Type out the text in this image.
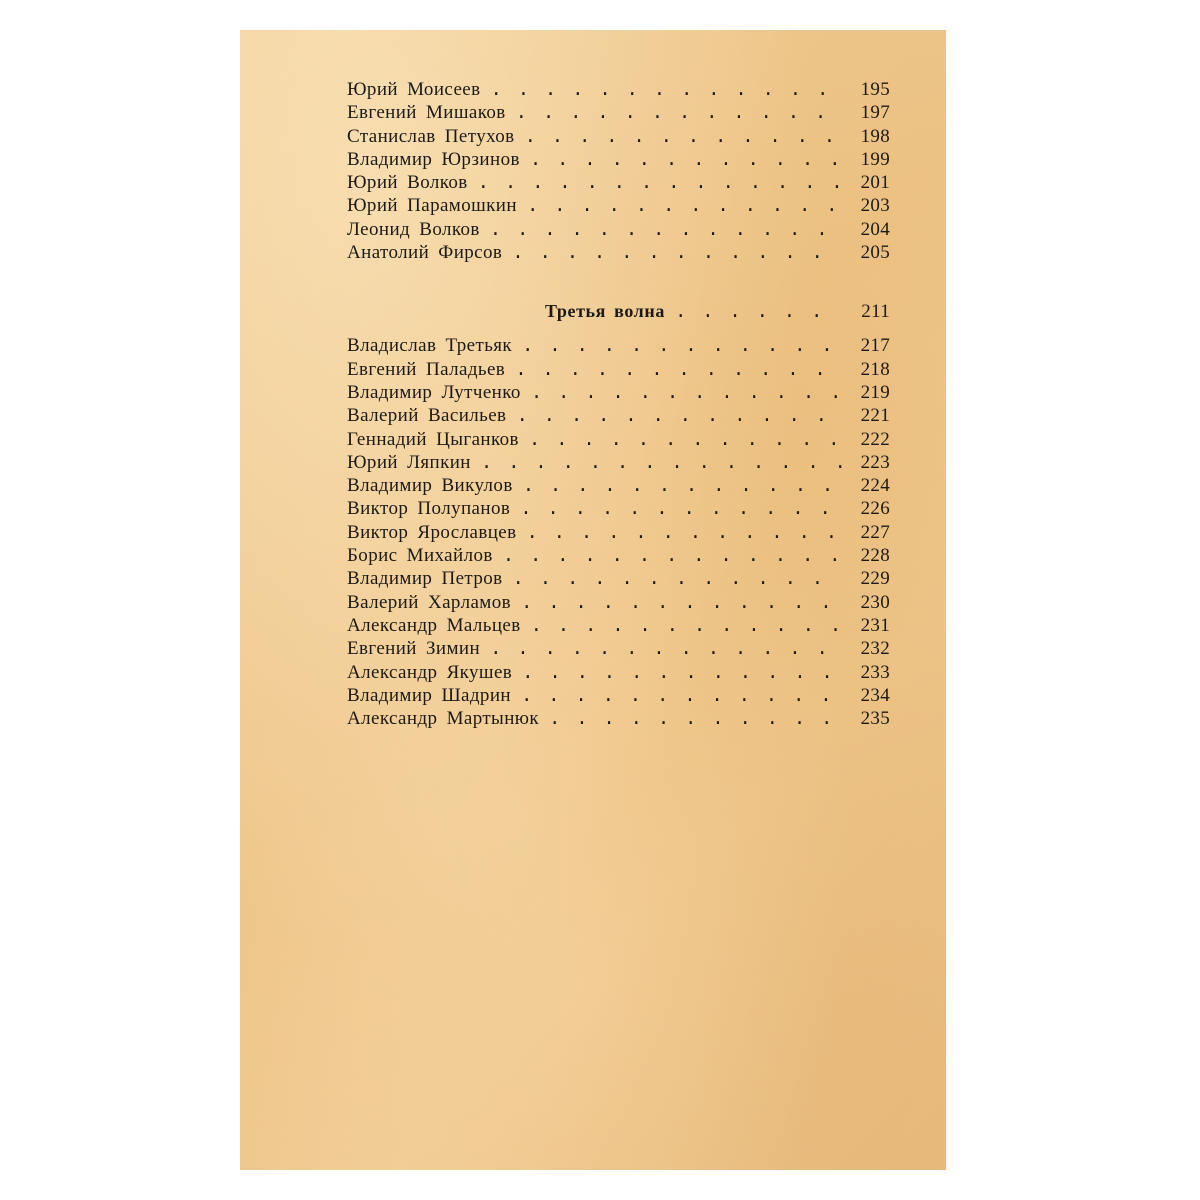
Юрий Моисеев . . .	195
Евгений Мишаков . . .	197
Станислав Петухов . . .	198
Владимир Юрзинов . . .	199
Юрий Волков . . .	201
Юрий Парамошкин . . .	203
Леонид Волков . . .	204
Анатолий Фирсов . . .	205
Третья волна . . .	211
Владислав Третьяк . . .	217
Евгений Паладьев . . .	218
Владимир Лутченко . . .	219
Валерий Васильев . . .	221
Геннадий Цыганков . . .	222
Юрий Ляпкин . . .	223
Владимир Викулов . . .	224
Виктор Полупанов . . .	226
Виктор Ярославцев . . .	227
Борис Михайлов . . .	228
Владимир Петров . . .	229
Валерий Харламов . . .	230
Александр Мальцев . . .	231
Евгений Зимин . . .	232
Александр Якушев . . .	233
Владимир Шадрин . . .	234
Александр Мартынюк . . .	235
